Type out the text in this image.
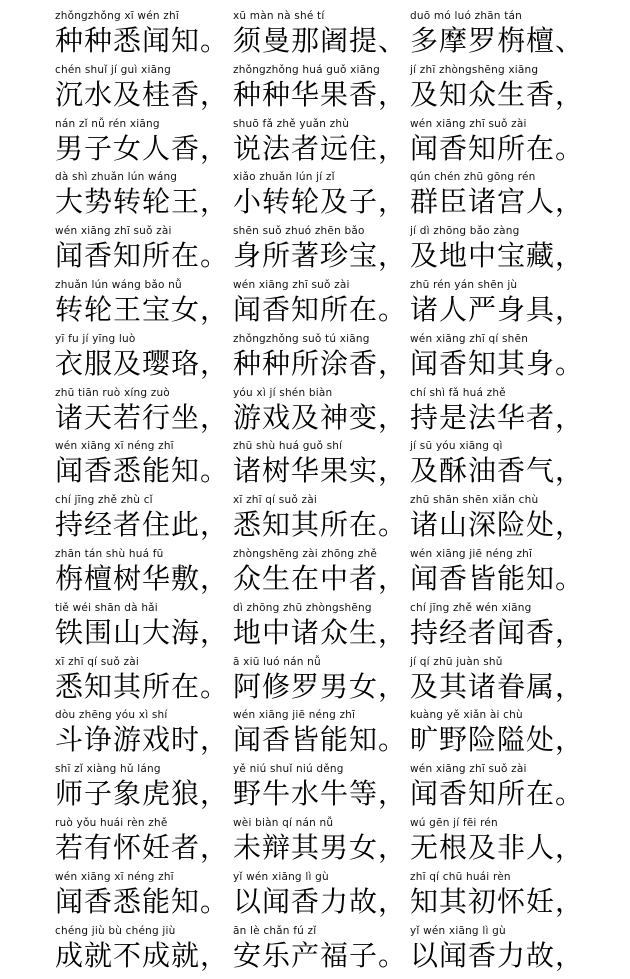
zhǒngzhǒng xī wén zhī
种种悉闻知。
xū màn nà shé tí
须曼那阇提、
duō mó luó zhān tán
多摩罗栴檀、
chén shuǐ jí guì xiāng
沉水及桂香，
zhǒngzhǒng huá guǒ xiāng
种种华果香，
jí zhī zhòngshēng xiāng
及知众生香，
nán zǐ nǚ rén xiāng
男子女人香，
shuō fǎ zhě yuǎn zhù
说法者远住，
wén xiāng zhī suǒ zài
闻香知所在。
dà shì zhuǎn lún wáng
大势转轮王，
xiǎo zhuǎn lún jí zǐ
小转轮及子，
qún chén zhū gōng rén
群臣诸宫人，
wén xiāng zhī suǒ zài
闻香知所在。
shēn suǒ zhuó zhēn bǎo
身所著珍宝，
jí dì zhōng bǎo zàng
及地中宝藏，
zhuǎn lún wáng bǎo nǚ
转轮王宝女，
wén xiāng zhī suǒ zài
闻香知所在。
zhū rén yán shēn jù
诸人严身具，
yī fu jí yīng luò
衣服及璎珞，
zhǒngzhǒng suǒ tú xiāng
种种所涂香，
wén xiāng zhī qí shēn
闻香知其身。
zhū tiān ruò xíng zuò
诸天若行坐，
yóu xì jí shén biàn
游戏及神变，
chí shì fǎ huá zhě
持是法华者，
wén xiāng xī néng zhī
闻香悉能知。
zhū shù huá guǒ shí
诸树华果实，
jí sū yóu xiāng qì
及酥油香气，
chí jīng zhě zhù cǐ
持经者住此，
xī zhī qí suǒ zài
悉知其所在。
zhū shān shēn xiǎn chù
诸山深险处，
zhān tán shù huá fū
栴檀树华敷，
zhòngshēng zài zhōng zhě
众生在中者，
wén xiāng jiē néng zhī
闻香皆能知。
tiě wéi shān dà hǎi
铁围山大海，
dì zhōng zhū zhòngshēng
地中诸众生，
chí jīng zhě wén xiāng
持经者闻香，
xī zhī qí suǒ zài
悉知其所在。
ā xiū luó nán nǚ
阿修罗男女，
jí qí zhū juàn shǔ
及其诸眷属，
dòu zhēng yóu xì shí
斗诤游戏时，
wén xiāng jiē néng zhī
闻香皆能知。
kuàng yě xiǎn ài chù
旷野险隘处，
shī zǐ xiàng hǔ láng
师子象虎狼，
yě niú shuǐ niú děng
野牛水牛等，
wén xiāng zhī suǒ zài
闻香知所在。
ruò yǒu huái rèn zhě
若有怀妊者，
wèi biàn qí nán nǚ
未辩其男女，
wú gēn jí fēi rén
无根及非人，
wén xiāng xī néng zhī
闻香悉能知。
yǐ wén xiāng lì gù
以闻香力故，
zhī qí chū huái rèn
知其初怀妊，
chéng jiù bù chéng jiù
成就不成就，
ān lè chǎn fú zǐ
安乐产福子。
yǐ wén xiāng lì gù
以闻香力故，
